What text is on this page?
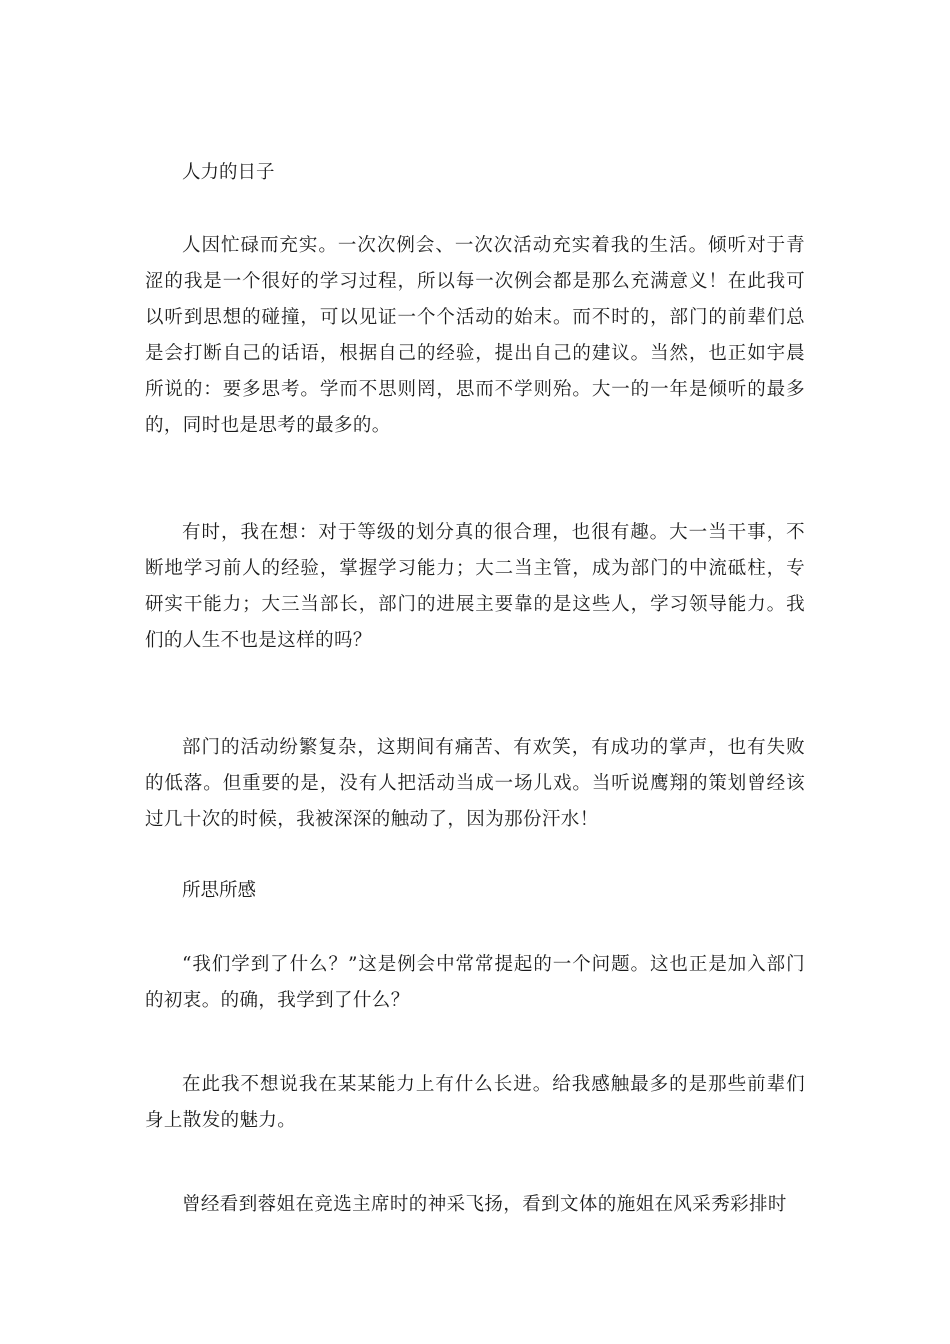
人力的日子

人因忙碌而充实。一次次例会、一次次活动充实着我的生活。倾听对于青涩的我是一个很好的学习过程，所以每一次例会都是那么充满意义！在此我可以听到思想的碰撞，可以见证一个个活动的始末。而不时的，部门的前辈们总是会打断自己的话语，根据自己的经验，提出自己的建议。当然，也正如宇晨所说的：要多思考。学而不思则罔，思而不学则殆。大一的一年是倾听的最多的，同时也是思考的最多的。

有时，我在想：对于等级的划分真的很合理，也很有趣。大一当干事，不断地学习前人的经验，掌握学习能力；大二当主管，成为部门的中流砥柱，专研实干能力；大三当部长，部门的进展主要靠的是这些人，学习领导能力。我们的人生不也是这样的吗？

部门的活动纷繁复杂，这期间有痛苦、有欢笑，有成功的掌声，也有失败的低落。但重要的是，没有人把活动当成一场儿戏。当听说鹰翔的策划曾经该过几十次的时候，我被深深的触动了，因为那份汗水！

所思所感

“我们学到了什么？”这是例会中常常提起的一个问题。这也正是加入部门的初衷。的确，我学到了什么？

在此我不想说我在某某能力上有什么长进。给我感触最多的是那些前辈们身上散发的魅力。

曾经看到蓉姐在竞选主席时的神采飞扬，看到文体的施姐在风采秀彩排时
